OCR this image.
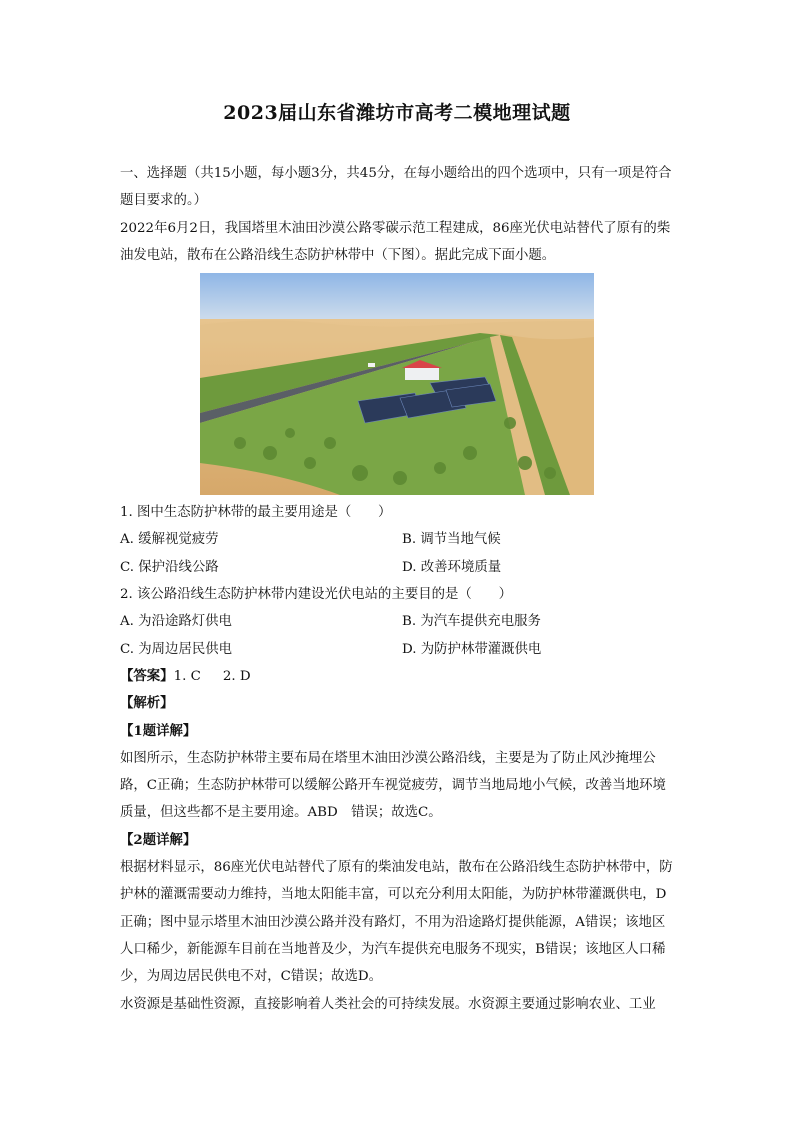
2023届山东省潍坊市高考二模地理试题

一、选择题（共15小题，每小题3分，共45分，在每小题给出的四个选项中，只有一项是符合题目要求的。）

2022年6月2日，我国塔里木油田沙漠公路零碳示范工程建成，86座光伏电站替代了原有的柴油发电站，散布在公路沿线生态防护林带中（下图）。据此完成下面小题。

1. 图中生态防护林带的最主要用途是（　　）

A. 缓解视觉疲劳	B. 调节当地气候
C. 保护沿线公路	D. 改善环境质量

2. 该公路沿线生态防护林带内建设光伏电站的主要目的是（　　）

A. 为沿途路灯供电	B. 为汽车提供充电服务
C. 为周边居民供电	D. 为防护林带灌溉供电

【答案】1. C 2. D

【解析】

【1题详解】

如图所示，生态防护林带主要布局在塔里木油田沙漠公路沿线，主要是为了防止风沙掩埋公路，C正确；生态防护林带可以缓解公路开车视觉疲劳，调节当地局地小气候，改善当地环境质量，但这些都不是主要用途。ABD　错误；故选C。

【2题详解】

根据材料显示，86座光伏电站替代了原有的柴油发电站，散布在公路沿线生态防护林带中，防护林的灌溉需要动力维持，当地太阳能丰富，可以充分利用太阳能，为防护林带灌溉供电，D正确；图中显示塔里木油田沙漠公路并没有路灯，不用为沿途路灯提供能源，A错误；该地区人口稀少，新能源车目前在当地普及少，为汽车提供充电服务不现实，B错误；该地区人口稀少，为周边居民供电不对，C错误；故选D。

水资源是基础性资源，直接影响着人类社会的可持续发展。水资源主要通过影响农业、工业
